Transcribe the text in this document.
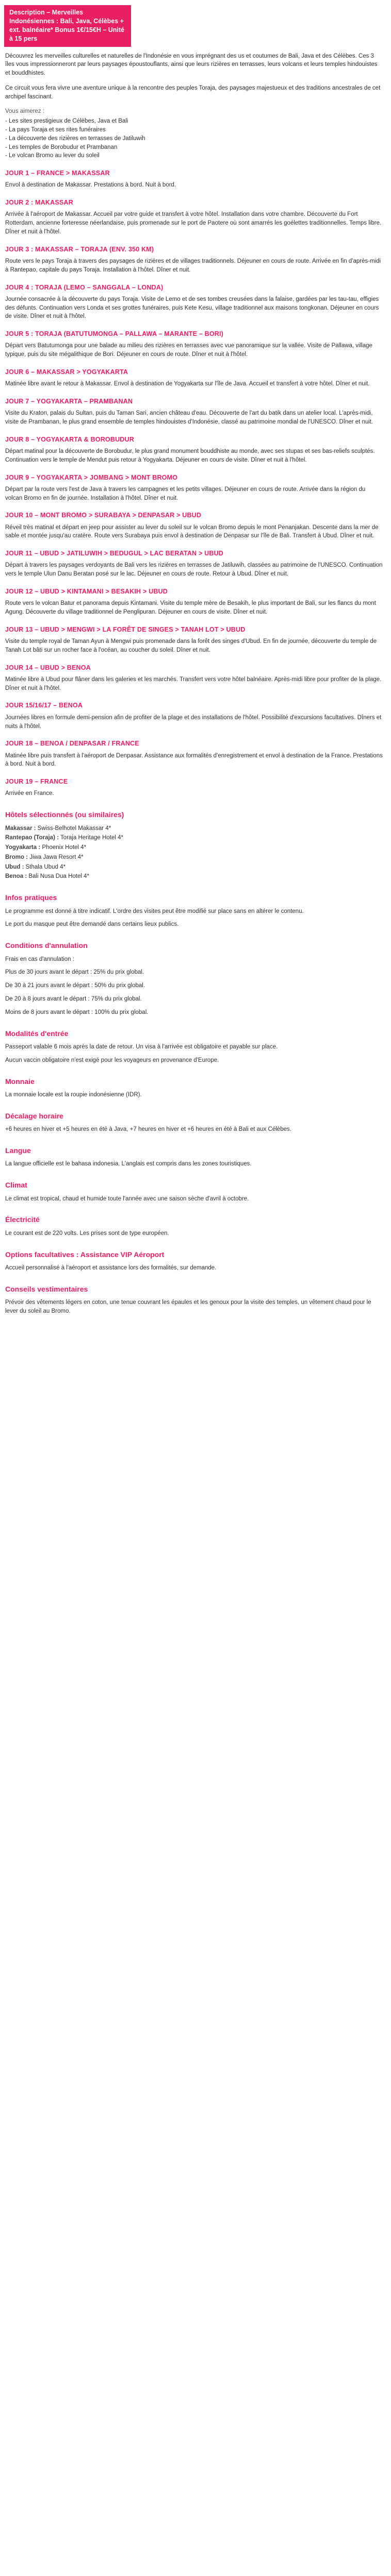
Description – Merveilles Indonésiennes : Bali, Java, Célèbes + ext. balnéaire* Bonus 1€/15€H – Unité à 15 pers

Découvrez les merveilles culturelles et naturelles de l'Indonésie en vous imprégnant des us et coutumes de Bali, Java et des Célèbes. Ces 3 îles vous impressionneront par leurs paysages époustouflants, ainsi que leurs rizières en terrasses, leurs volcans et leurs temples hindouistes et bouddhistes.

Ce circuit vous fera vivre une aventure unique à la rencontre des peuples Toraja, des paysages majestueux et des traditions ancestrales de cet archipel fascinant.

Vous aimerez :

- Les sites prestigieux de Célèbes, Java et Bali
- La pays Toraja et ses rites funéraires
- La découverte des rizières en terrasses de Jatiluwih
- Les temples de Borobudur et Prambanan
- Le volcan Bromo au lever du soleil
JOUR 1 – FRANCE > MAKASSAR

Envol à destination de Makassar. Prestations à bord. Nuit à bord.

JOUR 2 : MAKASSAR

Arrivée à l'aéroport de Makassar. Accueil par votre guide et transfert à votre hôtel. Installation dans votre chambre. Découverte du Fort Rotterdam, ancienne forteresse néerlandaise, puis promenade sur le port de Paotere où sont amarrés les goélettes traditionnelles. Temps libre. Dîner et nuit à l'hôtel.

JOUR 3 : MAKASSAR – TORAJA (ENV. 350 KM)

Route vers le pays Toraja à travers des paysages de rizières et de villages traditionnels. Déjeuner en cours de route. Arrivée en fin d'après-midi à Rantepao, capitale du pays Toraja. Installation à l'hôtel. Dîner et nuit.

JOUR 4 : TORAJA (LEMO – SANGGALA – LONDA)

Journée consacrée à la découverte du pays Toraja. Visite de Lemo et de ses tombes creusées dans la falaise, gardées par les tau-tau, effigies des défunts. Continuation vers Londa et ses grottes funéraires, puis Kete Kesu, village traditionnel aux maisons tongkonan. Déjeuner en cours de visite. Dîner et nuit à l'hôtel.

JOUR 5 : TORAJA (BATUTUMONGA – PALLAWA – MARANTE – BORI)

Départ vers Batutumonga pour une balade au milieu des rizières en terrasses avec vue panoramique sur la vallée. Visite de Pallawa, village typique, puis du site mégalithique de Bori. Déjeuner en cours de route. Dîner et nuit à l'hôtel.

JOUR 6 – MAKASSAR > YOGYAKARTA

Matinée libre avant le retour à Makassar. Envol à destination de Yogyakarta sur l'île de Java. Accueil et transfert à votre hôtel. Dîner et nuit.

JOUR 7 – YOGYAKARTA – PRAMBANAN

Visite du Kraton, palais du Sultan, puis du Taman Sari, ancien château d'eau. Découverte de l'art du batik dans un atelier local. L'après-midi, visite de Prambanan, le plus grand ensemble de temples hindouistes d'Indonésie, classé au patrimoine mondial de l'UNESCO. Dîner et nuit.

JOUR 8 – YOGYAKARTA & BOROBUDUR

Départ matinal pour la découverte de Borobudur, le plus grand monument bouddhiste au monde, avec ses stupas et ses bas-reliefs sculptés. Continuation vers le temple de Mendut puis retour à Yogyakarta. Déjeuner en cours de visite. Dîner et nuit à l'hôtel.

JOUR 9 – YOGYAKARTA > JOMBANG > MONT BROMO

Départ par la route vers l'est de Java à travers les campagnes et les petits villages. Déjeuner en cours de route. Arrivée dans la région du volcan Bromo en fin de journée. Installation à l'hôtel. Dîner et nuit.

JOUR 10 – MONT BROMO > SURABAYA > DENPASAR > UBUD

Réveil très matinal et départ en jeep pour assister au lever du soleil sur le volcan Bromo depuis le mont Penanjakan. Descente dans la mer de sable et montée jusqu'au cratère. Route vers Surabaya puis envol à destination de Denpasar sur l'île de Bali. Transfert à Ubud. Dîner et nuit.

JOUR 11 – UBUD > JATILUWIH > BEDUGUL > LAC BERATAN > UBUD

Départ à travers les paysages verdoyants de Bali vers les rizières en terrasses de Jatiluwih, classées au patrimoine de l'UNESCO. Continuation vers le temple Ulun Danu Beratan posé sur le lac. Déjeuner en cours de route. Retour à Ubud. Dîner et nuit.

JOUR 12 – UBUD > KINTAMANI > BESAKIH > UBUD

Route vers le volcan Batur et panorama depuis Kintamani. Visite du temple mère de Besakih, le plus important de Bali, sur les flancs du mont Agung. Découverte du village traditionnel de Penglipuran. Déjeuner en cours de visite. Dîner et nuit.

JOUR 13 – UBUD > MENGWI > LA FORÊT DE SINGES > TANAH LOT > UBUD

Visite du temple royal de Taman Ayun à Mengwi puis promenade dans la forêt des singes d'Ubud. En fin de journée, découverte du temple de Tanah Lot bâti sur un rocher face à l'océan, au coucher du soleil. Dîner et nuit.

JOUR 14 – UBUD > BENOA

Matinée libre à Ubud pour flâner dans les galeries et les marchés. Transfert vers votre hôtel balnéaire. Après-midi libre pour profiter de la plage. Dîner et nuit à l'hôtel.

JOUR 15/16/17 – BENOA

Journées libres en formule demi-pension afin de profiter de la plage et des installations de l'hôtel. Possibilité d'excursions facultatives. Dîners et nuits à l'hôtel.

JOUR 18 – BENOA / DENPASAR / FRANCE

Matinée libre puis transfert à l'aéroport de Denpasar. Assistance aux formalités d'enregistrement et envol à destination de la France. Prestations à bord. Nuit à bord.

JOUR 19 – FRANCE

Arrivée en France.

Hôtels sélectionnés (ou similaires)

Makassar : Swiss-Belhotel Makassar 4*

Rantepao (Toraja) : Toraja Heritage Hotel 4*

Yogyakarta : Phoenix Hotel 4*

Bromo : Jiwa Jawa Resort 4*

Ubud : Sthala Ubud 4*

Benoa : Bali Nusa Dua Hotel 4*

Infos pratiques

Le programme est donné à titre indicatif. L'ordre des visites peut être modifié sur place sans en altérer le contenu.

Le port du masque peut être demandé dans certains lieux publics.

Conditions d'annulation

Frais en cas d'annulation :

Plus de 30 jours avant le départ : 25% du prix global.

De 30 à 21 jours avant le départ : 50% du prix global.

De 20 à 8 jours avant le départ : 75% du prix global.

Moins de 8 jours avant le départ : 100% du prix global.

Modalités d'entrée

Passeport valable 6 mois après la date de retour. Un visa à l'arrivée est obligatoire et payable sur place.

Aucun vaccin obligatoire n'est exigé pour les voyageurs en provenance d'Europe.

Monnaie

La monnaie locale est la roupie indonésienne (IDR).

Décalage horaire

+6 heures en hiver et +5 heures en été à Java, +7 heures en hiver et +6 heures en été à Bali et aux Célèbes.

Langue

La langue officielle est le bahasa indonesia. L'anglais est compris dans les zones touristiques.

Climat

Le climat est tropical, chaud et humide toute l'année avec une saison sèche d'avril à octobre.

Électricité

Le courant est de 220 volts. Les prises sont de type européen.

Options facultatives : Assistance VIP Aéroport

Accueil personnalisé à l'aéroport et assistance lors des formalités, sur demande.

Conseils vestimentaires

Prévoir des vêtements légers en coton, une tenue couvrant les épaules et les genoux pour la visite des temples, un vêtement chaud pour le lever du soleil au Bromo.
